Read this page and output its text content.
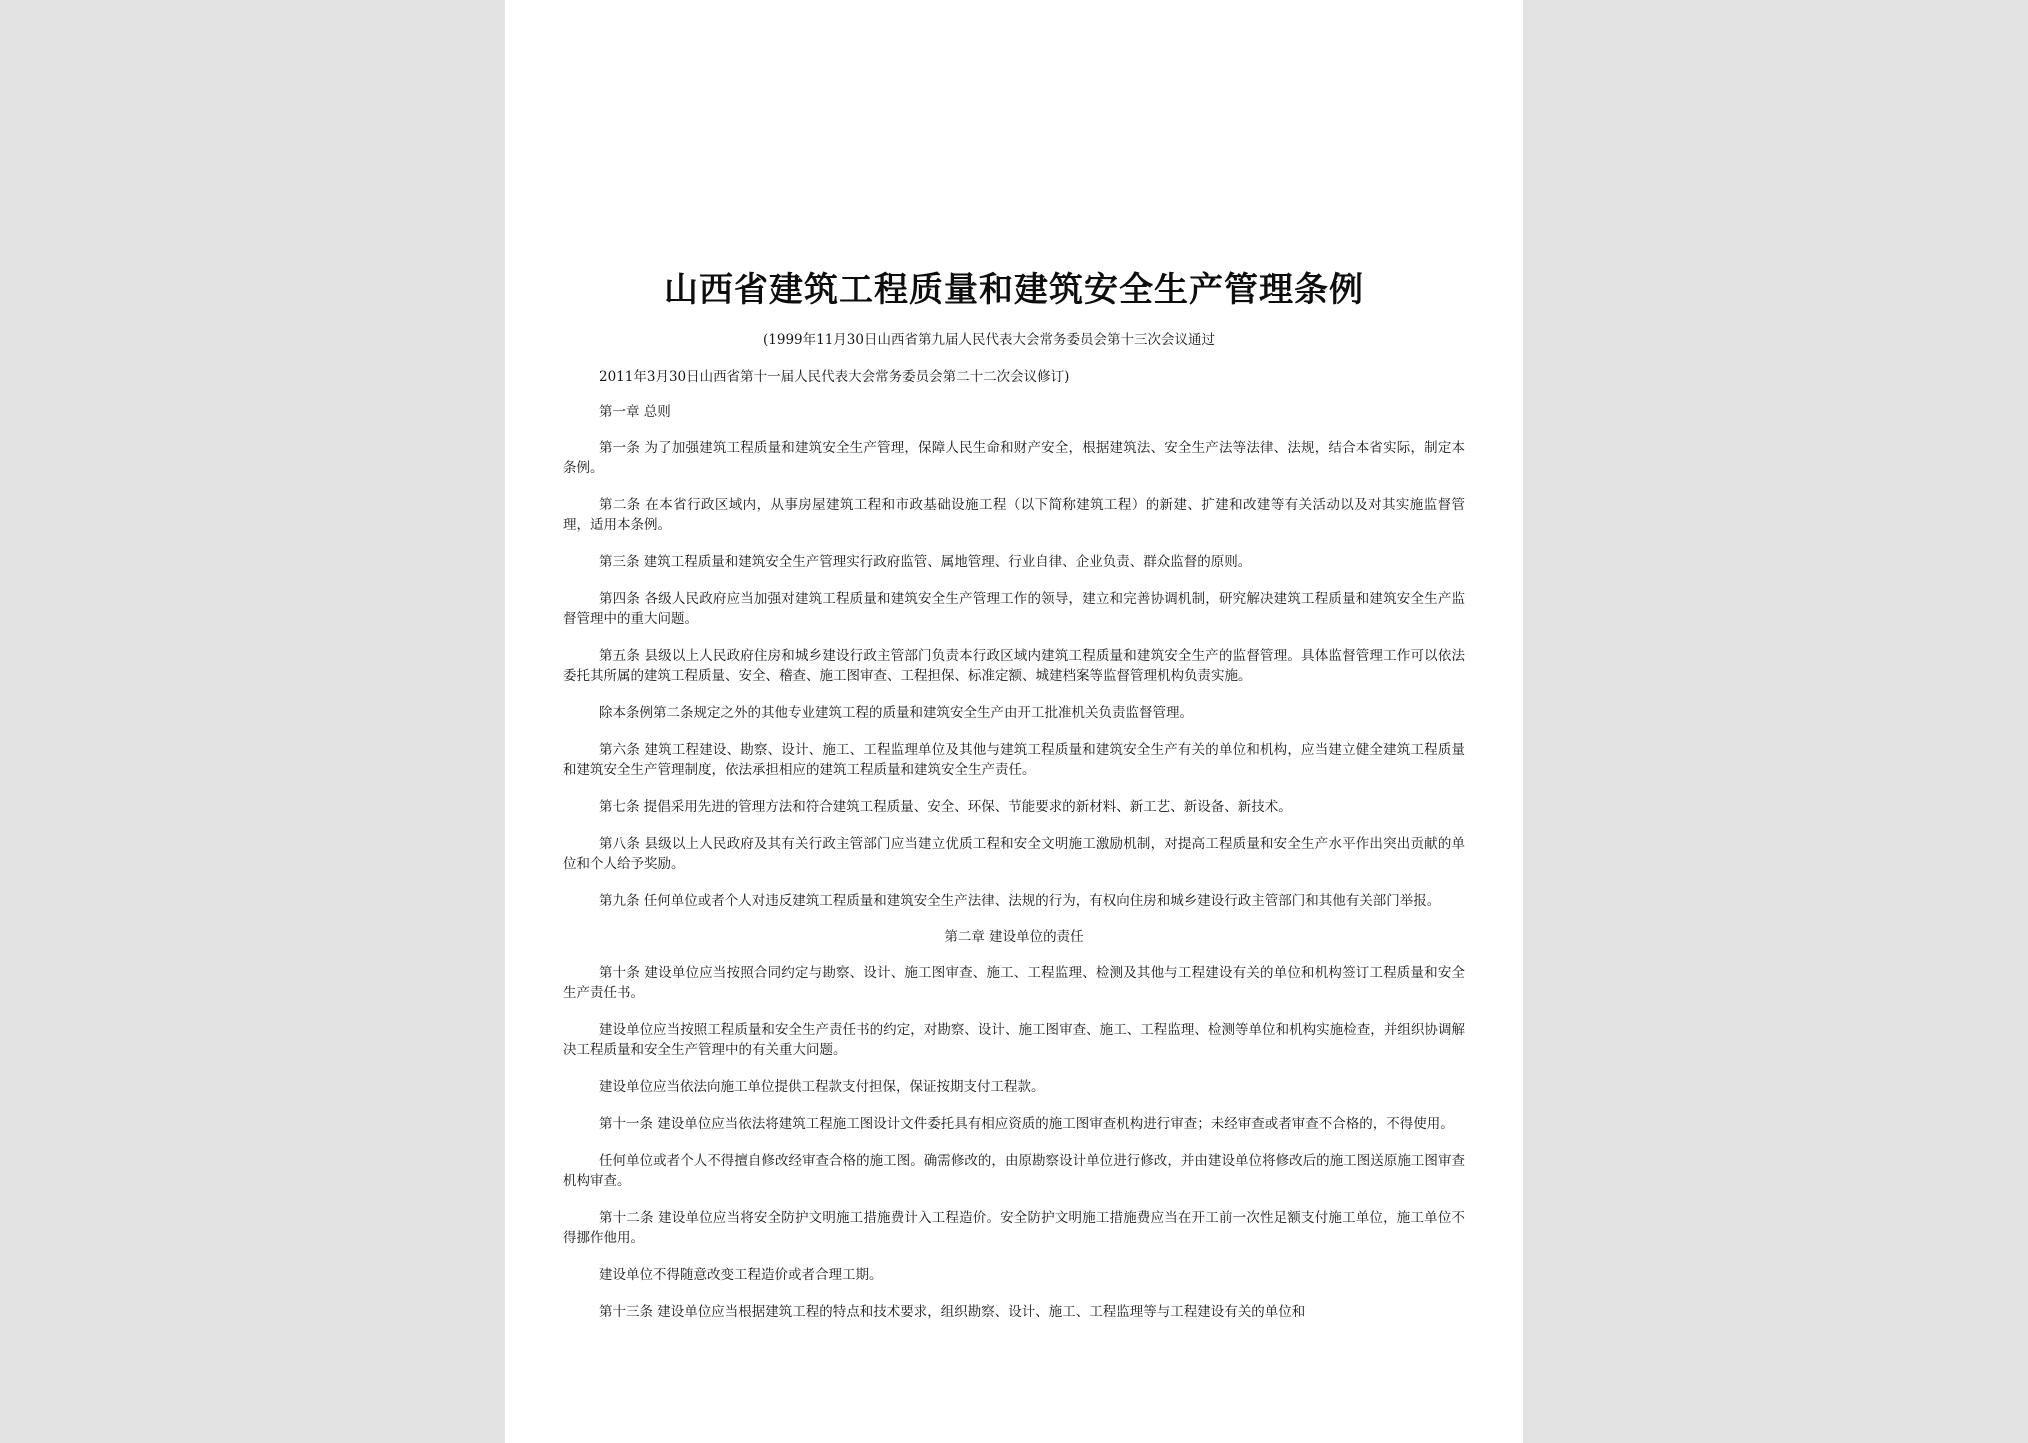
山西省建筑工程质量和建筑安全生产管理条例

(1999年11月30日山西省第九届人民代表大会常务委员会第十三次会议通过

2011年3月30日山西省第十一届人民代表大会常务委员会第二十二次会议修订)

第一章 总则

第一条 为了加强建筑工程质量和建筑安全生产管理，保障人民生命和财产安全，根据建筑法、安全生产法等法律、法规，结合本省实际，制定本条例。

第二条 在本省行政区域内，从事房屋建筑工程和市政基础设施工程（以下简称建筑工程）的新建、扩建和改建等有关活动以及对其实施监督管理，适用本条例。

第三条 建筑工程质量和建筑安全生产管理实行政府监管、属地管理、行业自律、企业负责、群众监督的原则。

第四条 各级人民政府应当加强对建筑工程质量和建筑安全生产管理工作的领导，建立和完善协调机制，研究解决建筑工程质量和建筑安全生产监督管理中的重大问题。

第五条 县级以上人民政府住房和城乡建设行政主管部门负责本行政区域内建筑工程质量和建筑安全生产的监督管理。具体监督管理工作可以依法委托其所属的建筑工程质量、安全、稽查、施工图审查、工程担保、标准定额、城建档案等监督管理机构负责实施。

除本条例第二条规定之外的其他专业建筑工程的质量和建筑安全生产由开工批准机关负责监督管理。

第六条 建筑工程建设、勘察、设计、施工、工程监理单位及其他与建筑工程质量和建筑安全生产有关的单位和机构，应当建立健全建筑工程质量和建筑安全生产管理制度，依法承担相应的建筑工程质量和建筑安全生产责任。

第七条 提倡采用先进的管理方法和符合建筑工程质量、安全、环保、节能要求的新材料、新工艺、新设备、新技术。

第八条 县级以上人民政府及其有关行政主管部门应当建立优质工程和安全文明施工激励机制，对提高工程质量和安全生产水平作出突出贡献的单位和个人给予奖励。

第九条 任何单位或者个人对违反建筑工程质量和建筑安全生产法律、法规的行为，有权向住房和城乡建设行政主管部门和其他有关部门举报。

第二章 建设单位的责任

第十条 建设单位应当按照合同约定与勘察、设计、施工图审查、施工、工程监理、检测及其他与工程建设有关的单位和机构签订工程质量和安全生产责任书。

建设单位应当按照工程质量和安全生产责任书的约定，对勘察、设计、施工图审查、施工、工程监理、检测等单位和机构实施检查，并组织协调解决工程质量和安全生产管理中的有关重大问题。

建设单位应当依法向施工单位提供工程款支付担保，保证按期支付工程款。

第十一条 建设单位应当依法将建筑工程施工图设计文件委托具有相应资质的施工图审查机构进行审查；未经审查或者审查不合格的，不得使用。

任何单位或者个人不得擅自修改经审查合格的施工图。确需修改的，由原勘察设计单位进行修改，并由建设单位将修改后的施工图送原施工图审查机构审查。

第十二条 建设单位应当将安全防护文明施工措施费计入工程造价。安全防护文明施工措施费应当在开工前一次性足额支付施工单位，施工单位不得挪作他用。

建设单位不得随意改变工程造价或者合理工期。

第十三条 建设单位应当根据建筑工程的特点和技术要求，组织勘察、设计、施工、工程监理等与工程建设有关的单位和
